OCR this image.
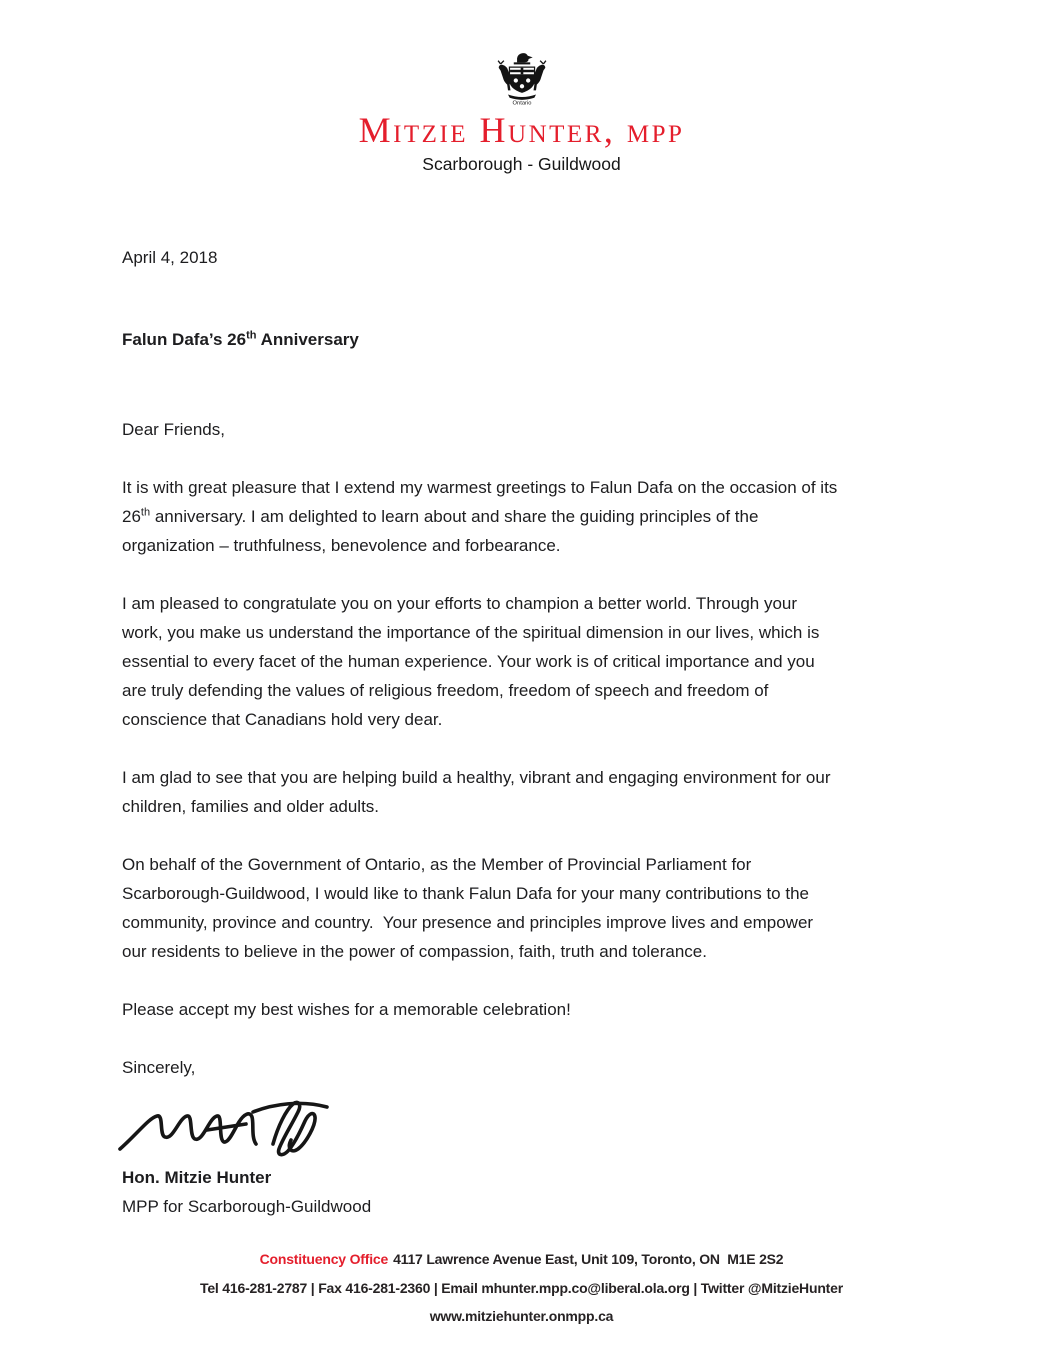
Ontario
Mitzie Hunter, mpp
Scarborough - Guildwood
April 4, 2018
Falun Dafa’s 26th Anniversary
Dear Friends,
It is with great pleasure that I extend my warmest greetings to Falun Dafa on the occasion of its
26th anniversary. I am delighted to learn about and share the guiding principles of the
organization – truthfulness, benevolence and forbearance.
I am pleased to congratulate you on your efforts to champion a better world. Through your
work, you make us understand the importance of the spiritual dimension in our lives, which is
essential to every facet of the human experience. Your work is of critical importance and you
are truly defending the values of religious freedom, freedom of speech and freedom of
conscience that Canadians hold very dear.
I am glad to see that you are helping build a healthy, vibrant and engaging environment for our
children, families and older adults.
On behalf of the Government of Ontario, as the Member of Provincial Parliament for
Scarborough-Guildwood, I would like to thank Falun Dafa for your many contributions to the
community, province and country.  Your presence and principles improve lives and empower
our residents to believe in the power of compassion, faith, truth and tolerance.
Please accept my best wishes for a memorable celebration!
Sincerely,
Hon. Mitzie Hunter
MPP for Scarborough-Guildwood
Constituency Office 4117 Lawrence Avenue East, Unit 109, Toronto, ON  M1E 2S2
Tel 416-281-2787 | Fax 416-281-2360 | Email mhunter.mpp.co@liberal.ola.org | Twitter @MitzieHunter
www.mitziehunter.onmpp.ca
